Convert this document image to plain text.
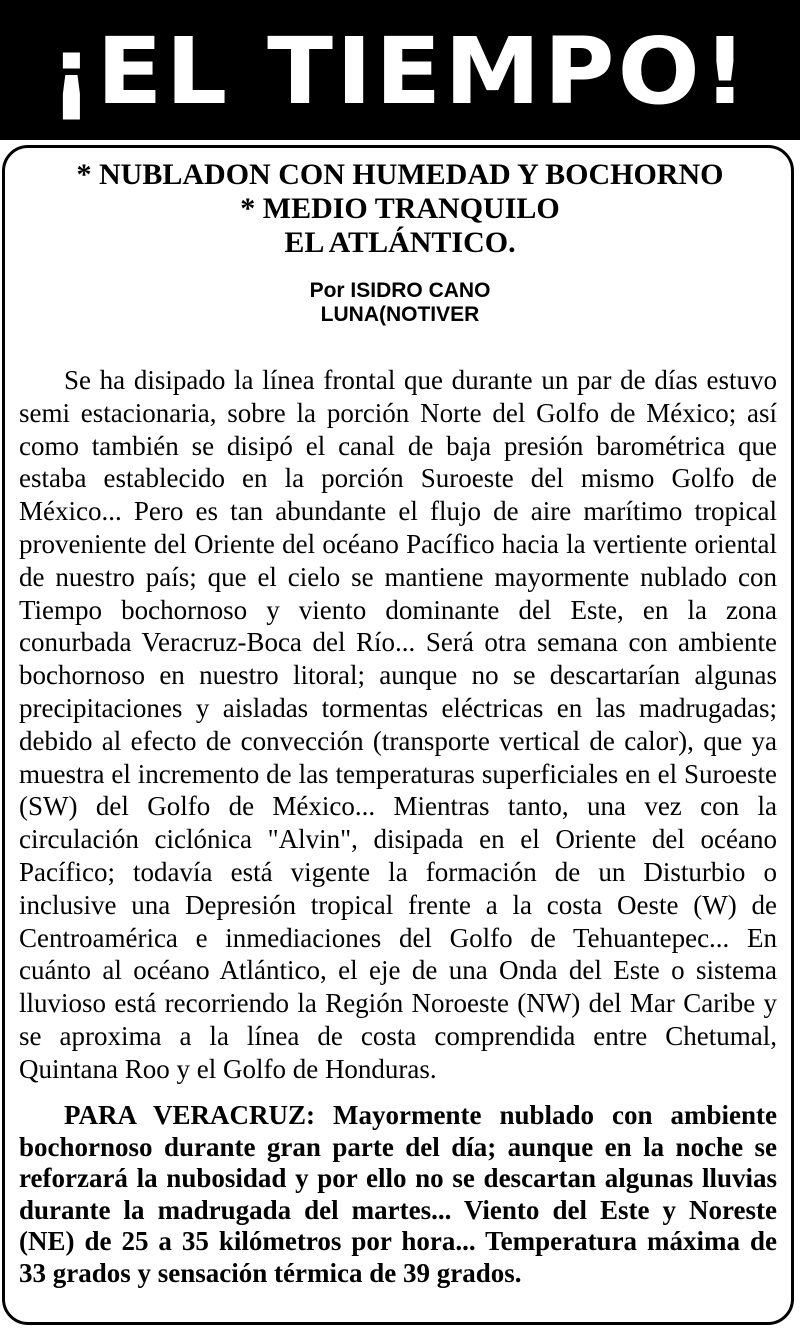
¡EL TIEMPO!
* NUBLADON CON HUMEDAD Y BOCHORNO
* MEDIO TRANQUILO
EL ATLÁNTICO.
Por ISIDRO CANO
LUNA(NOTIVER

Se ha disipado la línea frontal que durante un par de días estuvo semi estacionaria, sobre la porción Norte del Golfo de México; así como también se disipó el canal de baja presión barométrica que estaba establecido en la porción Suroeste del mismo Golfo de México... Pero es tan abundante el flujo de aire marítimo tropical proveniente del Oriente del océano Pacífico hacia la vertiente oriental de nuestro país; que el cielo se mantiene mayormente nublado con Tiempo bochornoso y viento dominante del Este, en la zona conurbada Veracruz-Boca del Río... Será otra semana con ambiente bochornoso en nuestro litoral; aunque no se descartarían algunas precipitaciones y aisladas tormentas eléctricas en las madrugadas; debido al efecto de convección (transporte vertical de calor), que ya muestra el incremento de las temperaturas superficiales en el Suroeste (SW) del Golfo de México... Mientras tanto, una vez con la circulación ciclónica "Alvin", disipada en el Oriente del océano Pacífico; todavía está vigente la formación de un Disturbio o inclusive una Depresión tropical frente a la costa Oeste (W) de Centroamérica e inmediaciones del Golfo de Tehuantepec... En cuánto al océano Atlántico, el eje de una Onda del Este o sistema lluvioso está recorriendo la Región Noroeste (NW) del Mar Caribe y se aproxima a la línea de costa comprendida entre Chetumal, Quintana Roo y el Golfo de Honduras.

PARA VERACRUZ: Mayormente nublado con ambiente bochornoso durante gran parte del día; aunque en la noche se reforzará la nubosidad y por ello no se descartan algunas lluvias durante la madrugada del martes... Viento del Este y Noreste (NE) de 25 a 35 kilómetros por hora... Temperatura máxima de 33 grados y sensación térmica de 39 grados.
